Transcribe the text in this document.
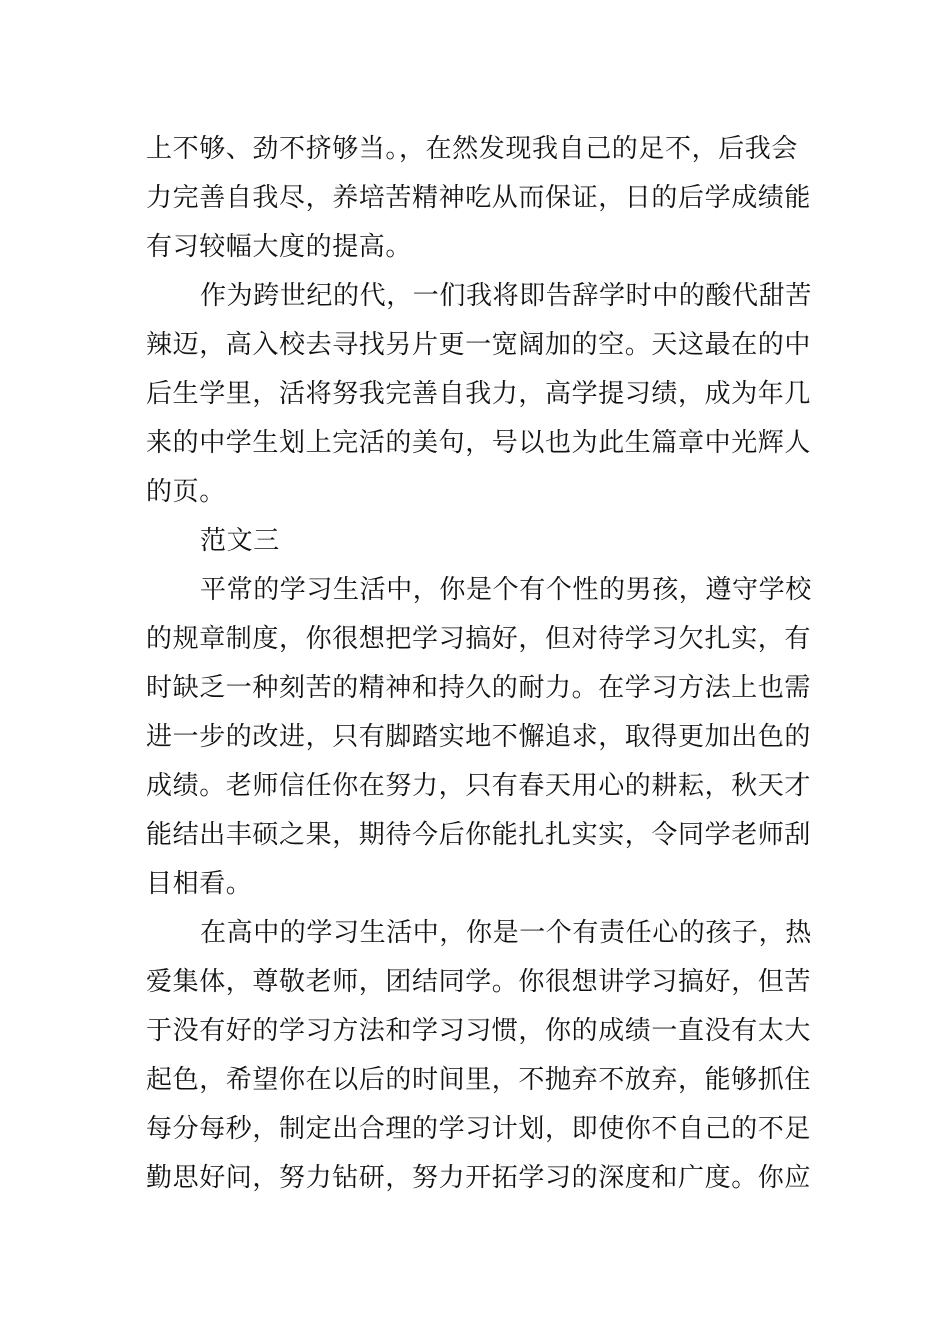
上不够、劲不挤够当。，在然发现我自己的足不，后我会
力完善自我尽，养培苦精神吃从而保证，日的后学成绩能
有习较幅大度的提高。
作为跨世纪的代，一们我将即告辞学时中的酸代甜苦
辣迈，高入校去寻找另片更一宽阔加的空。天这最在的中
后生学里，活将努我完善自我力，高学提习绩，成为年几
来的中学生划上完活的美句，号以也为此生篇章中光辉人
的页。
范文三
平常的学习生活中，你是个有个性的男孩，遵守学校
的规章制度，你很想把学习搞好，但对待学习欠扎实，有
时缺乏一种刻苦的精神和持久的耐力。在学习方法上也需
进一步的改进，只有脚踏实地不懈追求，取得更加出色的
成绩。老师信任你在努力，只有春天用心的耕耘，秋天才
能结出丰硕之果，期待今后你能扎扎实实，令同学老师刮
目相看。
在高中的学习生活中，你是一个有责任心的孩子，热
爱集体，尊敬老师，团结同学。你很想讲学习搞好，但苦
于没有好的学习方法和学习习惯，你的成绩一直没有太大
起色，希望你在以后的时间里，不抛弃不放弃，能够抓住
每分每秒，制定出合理的学习计划，即使你不自己的不足
勤思好问，努力钻研，努力开拓学习的深度和广度。你应
